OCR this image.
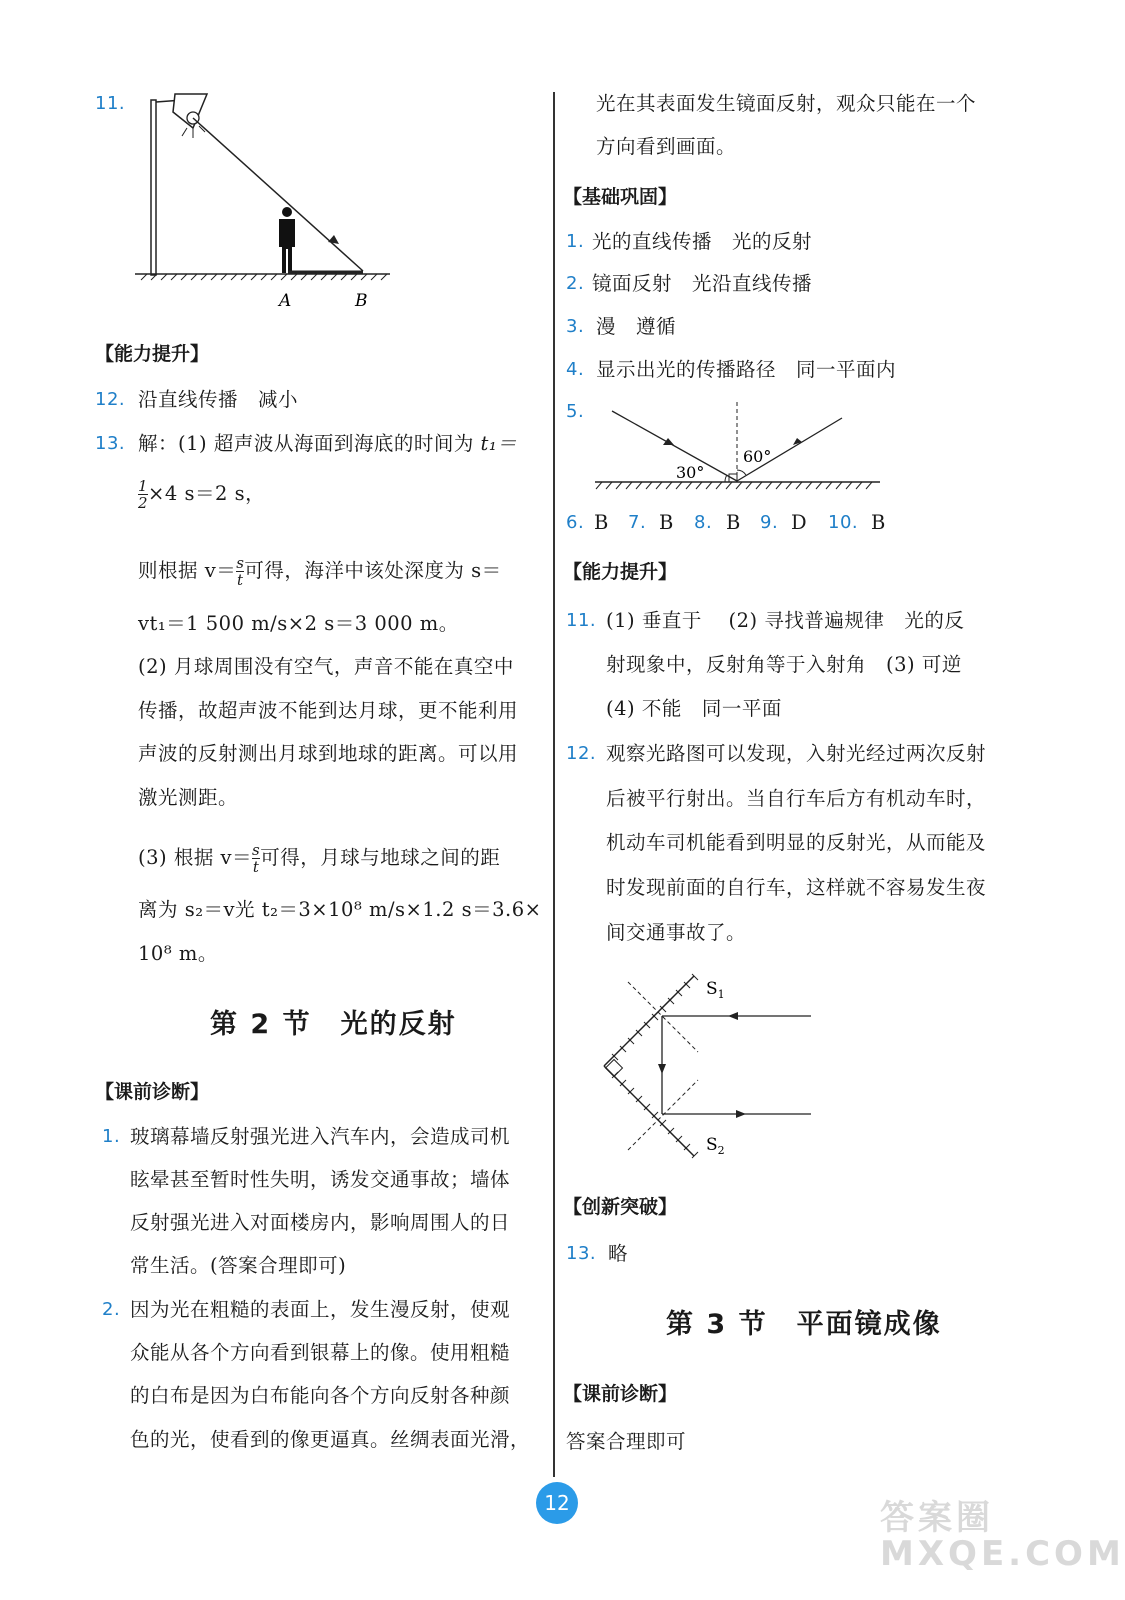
11.
A	B
【能力提升】
12. 沿直线传播　减小
13. 解：(1) 超声波从海面到海底的时间为 t₁＝
$\frac{1}{2} \times 4$ s＝2 s，
则根据 $v=\frac{s}{t}$ 可得，海洋中该处深度为 s＝
vt₁＝1 500 m/s×2 s＝3 000 m。
(2) 月球周围没有空气，声音不能在真空中
传播，故超声波不能到达月球，更不能利用
声波的反射测出月球到地球的距离。可以用
激光测距。
(3) 根据 $v=\frac{s}{t}$ 可得，月球与地球之间的距
离为 s₂＝v光 t₂＝3×10⁸ m/s×1.2 s＝3.6×
10⁸ m。
第 2 节　光的反射
【课前诊断】
1. 玻璃幕墙反射强光进入汽车内，会造成司机
眩晕甚至暂时性失明，诱发交通事故；墙体
反射强光进入对面楼房内，影响周围人的日
常生活。(答案合理即可)
2. 因为光在粗糙的表面上，发生漫反射，使观
众能从各个方向看到银幕上的像。使用粗糙
的白布是因为白布能向各个方向反射各种颜
色的光，使看到的像更逼真。丝绸表面光滑，
光在其表面发生镜面反射，观众只能在一个
方向看到画面。
【基础巩固】
1. 光的直线传播　光的反射
2. 镜面反射　光沿直线传播
3. 漫　遵循
4. 显示出光的传播路径　同一平面内
5.
30°
60°
6. B 7. B 8. B 9. D 10. B
【能力提升】
11. (1) 垂直于　 (2) 寻找普遍规律　光的反
射现象中，反射角等于入射角　(3) 可逆
(4) 不能　同一平面
12. 观察光路图可以发现，入射光经过两次反射
后被平行射出。当自行车后方有机动车时，
机动车司机能看到明显的反射光，从而能及
时发现前面的自行车，这样就不容易发生夜
间交通事故了。
$S_1$
$S_2$
【创新突破】
13. 略
第 3 节　平面镜成像
【课前诊断】
答案合理即可
12	答案圈 MXQE.COM
